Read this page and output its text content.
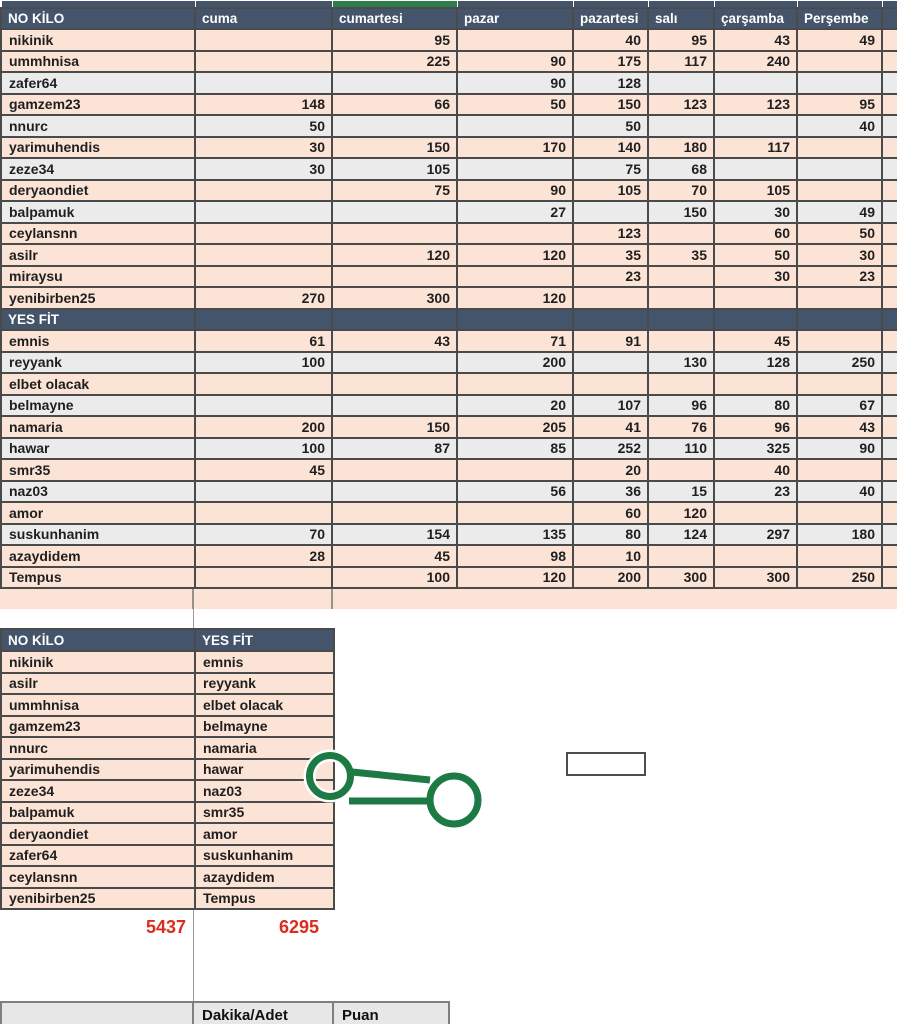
NO KİLO	cuma	cumartesi	pazar	pazartesi	salı	çarşamba	Perşembe	
nikinik		95		40	95	43	49	
ummhnisa		225	90	175	117	240		
zafer64			90	128				
gamzem23	148	66	50	150	123	123	95	
nnurc	50			50			40	
yarimuhendis	30	150	170	140	180	117		
zeze34	30	105		75	68			
deryaondiet		75	90	105	70	105		
balpamuk			27		150	30	49	
ceylansnn				123		60	50	
asilr		120	120	35	35	50	30	
miraysu				23		30	23	
yenibirben25	270	300	120					
YES FİT								
emnis	61	43	71	91		45		
reyyank	100		200		130	128	250	
elbet olacak								
belmayne			20	107	96	80	67	
namaria	200	150	205	41	76	96	43	
hawar	100	87	85	252	110	325	90	
smr35	45			20		40		
naz03			56	36	15	23	40	
amor				60	120			
suskunhanim	70	154	135	80	124	297	180	
azaydidem	28	45	98	10				
Tempus		100	120	200	300	300	250	
NO KİLO	YES FİT
nikinik	emnis
asilr	reyyank
ummhnisa	elbet olacak
gamzem23	belmayne
nnurc	namaria
yarimuhendis	hawar
zeze34	naz03
balpamuk	smr35
deryaondiet	amor
zafer64	suskunhanim
ceylansnn	azaydidem
yenibirben25	Tempus
5437	6295
Dakika/Adet	Puan
